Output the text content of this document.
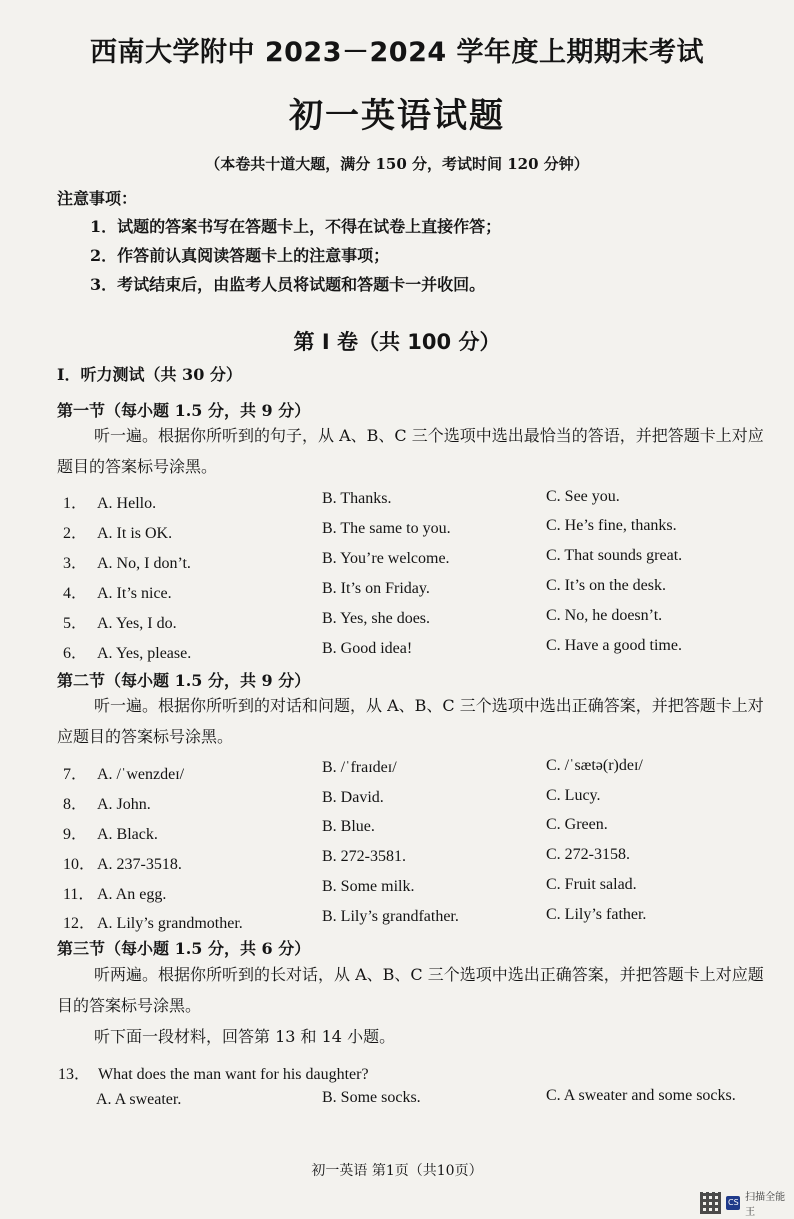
西南大学附中 2023－2024 学年度上期期末考试
初一英语试题
（本卷共十道大题，满分 150 分，考试时间 120 分钟）
注意事项：
1．试题的答案书写在答题卡上，不得在试卷上直接作答；
2．作答前认真阅读答题卡上的注意事项；
3．考试结束后，由监考人员将试题和答题卡一并收回。
第 I 卷（共 100 分）
I．听力测试（共 30 分）
第一节（每小题 1.5 分，共 9 分）
听一遍。根据你所听到的句子，从 A、B、C 三个选项中选出最恰当的答语，并把答题卡上对应题目的答案标号涂黑。
1． A. Hello.	B. Thanks.	C. See you.
2． A. It is OK.	B. The same to you.	C. He’s fine, thanks.
3． A. No, I don’t.	B. You’re welcome.	C. That sounds great.
4． A. It’s nice.	B. It’s on Friday.	C. It’s on the desk.
5． A. Yes, I do.	B. Yes, she does.	C. No, he doesn’t.
6． A. Yes, please.	B. Good idea!	C. Have a good time.
第二节（每小题 1.5 分，共 9 分）
听一遍。根据你所听到的对话和问题，从 A、B、C 三个选项中选出正确答案，并把答题卡上对应题目的答案标号涂黑。
7． A. /ˈwenzdeɪ/	B. /ˈfraɪdeɪ/	C. /ˈsætə(r)deɪ/
8． A. John.	B. David.	C. Lucy.
9． A. Black.	B. Blue.	C. Green.
10． A. 237-3518.	B. 272-3581.	C. 272-3158.
11． A. An egg.	B. Some milk.	C. Fruit salad.
12． A. Lily’s grandmother.	B. Lily’s grandfather.	C. Lily’s father.
第三节（每小题 1.5 分，共 6 分）
听两遍。根据你所听到的长对话，从 A、B、C 三个选项中选出正确答案，并把答题卡上对应题目的答案标号涂黑。
听下面一段材料，回答第 13 和 14 小题。
13． What does the man want for his daughter?
A. A sweater.	B. Some socks.	C. A sweater and some socks.
初一英语 第1页（共10页）
CS 扫描全能王
